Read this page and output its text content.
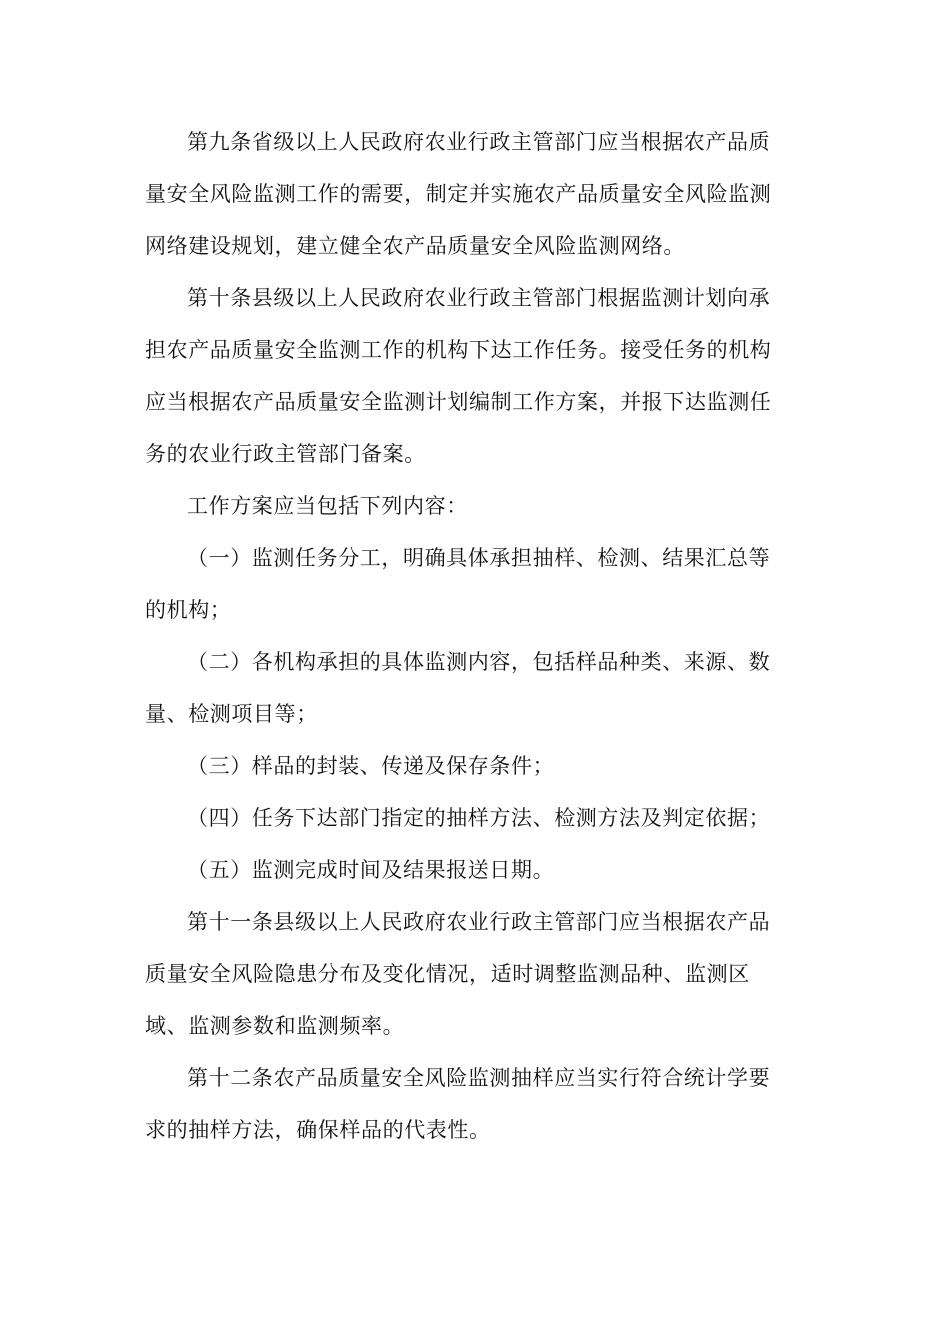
第九条省级以上人民政府农业行政主管部门应当根据农产品质
量安全风险监测工作的需要，制定并实施农产品质量安全风险监测
网络建设规划，建立健全农产品质量安全风险监测网络。

第十条县级以上人民政府农业行政主管部门根据监测计划向承
担农产品质量安全监测工作的机构下达工作任务。接受任务的机构
应当根据农产品质量安全监测计划编制工作方案，并报下达监测任
务的农业行政主管部门备案。

工作方案应当包括下列内容：

（一）监测任务分工，明确具体承担抽样、检测、结果汇总等
的机构；

（二）各机构承担的具体监测内容，包括样品种类、来源、数
量、检测项目等；

（三）样品的封装、传递及保存条件；

（四）任务下达部门指定的抽样方法、检测方法及判定依据；

（五）监测完成时间及结果报送日期。

第十一条县级以上人民政府农业行政主管部门应当根据农产品
质量安全风险隐患分布及变化情况，适时调整监测品种、监测区
域、监测参数和监测频率。

第十二条农产品质量安全风险监测抽样应当实行符合统计学要
求的抽样方法，确保样品的代表性。
